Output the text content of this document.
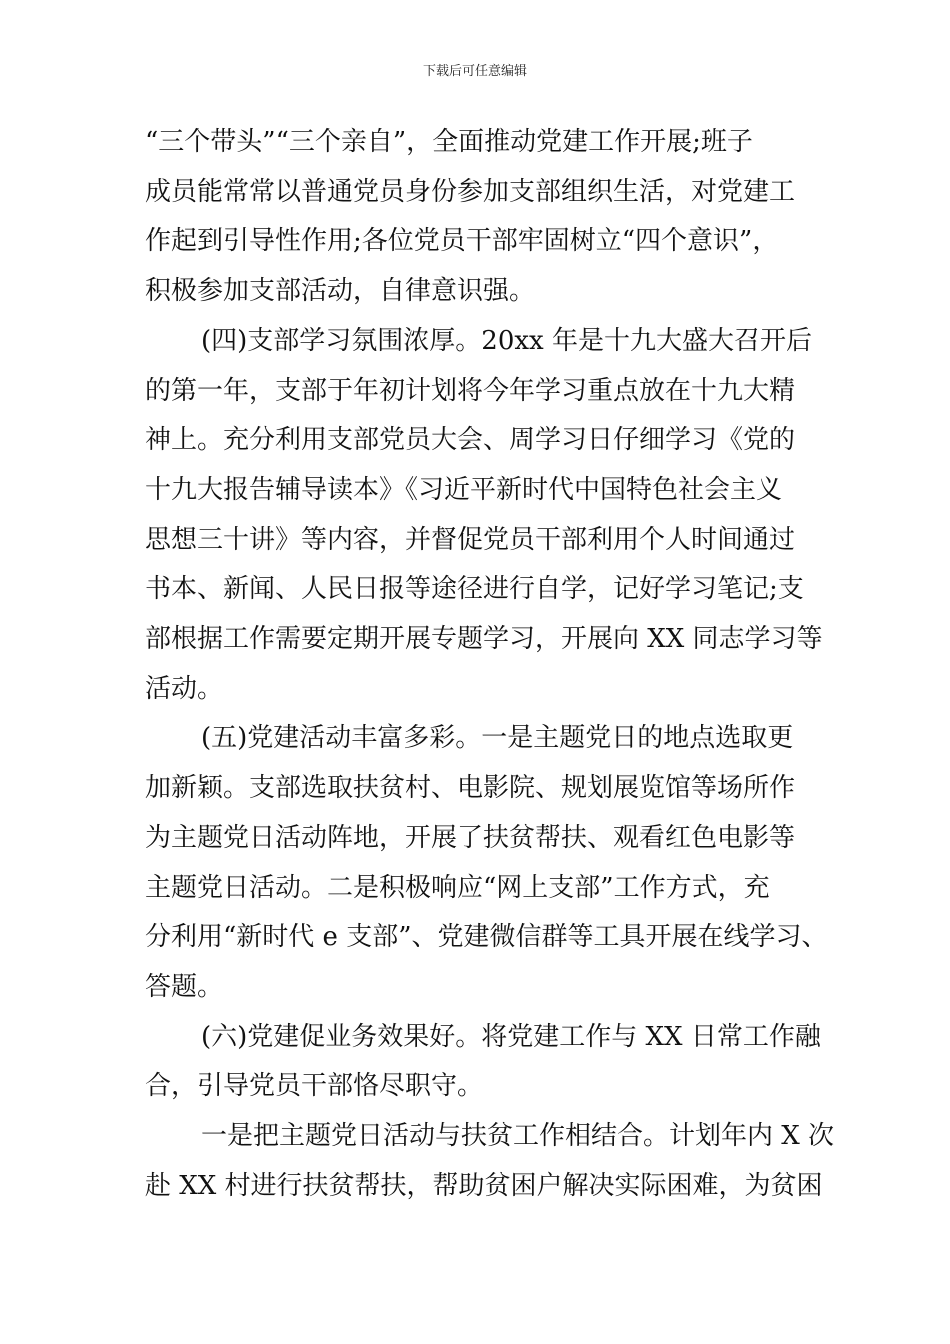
下载后可任意编辑
“三个带头”“三个亲自”，全面推动党建工作开展;班子
成员能常常以普通党员身份参加支部组织生活，对党建工
作起到引导性作用;各位党员干部牢固树立“四个意识”，
积极参加支部活动，自律意识强。
(四)支部学习氛围浓厚。20xx 年是十九大盛大召开后
的第一年，支部于年初计划将今年学习重点放在十九大精
神上。充分利用支部党员大会、周学习日仔细学习《党的
十九大报告辅导读本》《习近平新时代中国特色社会主义
思想三十讲》等内容，并督促党员干部利用个人时间通过
书本、新闻、人民日报等途径进行自学，记好学习笔记;支
部根据工作需要定期开展专题学习，开展向 XX 同志学习等
活动。
(五)党建活动丰富多彩。一是主题党日的地点选取更
加新颖。支部选取扶贫村、电影院、规划展览馆等场所作
为主题党日活动阵地，开展了扶贫帮扶、观看红色电影等
主题党日活动。二是积极响应“网上支部”工作方式，充
分利用“新时代 e 支部”、党建微信群等工具开展在线学习、
答题。
(六)党建促业务效果好。将党建工作与 XX 日常工作融
合，引导党员干部恪尽职守。
一是把主题党日活动与扶贫工作相结合。计划年内 X 次
赴 XX 村进行扶贫帮扶，帮助贫困户解决实际困难，为贫困
